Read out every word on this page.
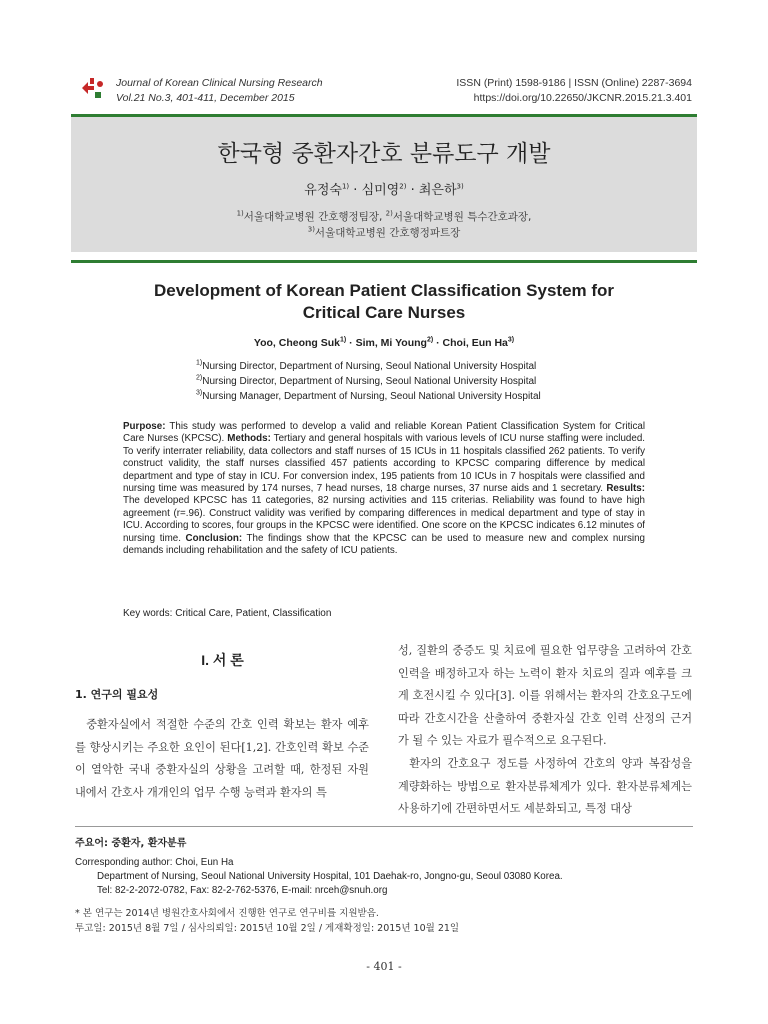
Journal of Korean Clinical Nursing Research
Vol.21 No.3, 401-411, December 2015
ISSN (Print) 1598-9186 | ISSN (Online) 2287-3694
https://doi.org/10.22650/JKCNR.2015.21.3.401
한국형 중환자간호 분류도구 개발
유정숙$^{1)}$ · 심미영$^{2)}$ · 최은하$^{3)}$
$^{1)}$서울대학교병원 간호행정팀장, $^{2)}$서울대학교병원 특수간호과장,
$^{3)}$서울대학교병원 간호행정파트장
Development of Korean Patient Classification System for
Critical Care Nurses
Yoo, Cheong Suk$^{1)}$ · Sim, Mi Young$^{2)}$ · Choi, Eun Ha$^{3)}$
$^{1)}$Nursing Director, Department of Nursing, Seoul National University Hospital
$^{2)}$Nursing Director, Department of Nursing, Seoul National University Hospital
$^{3)}$Nursing Manager, Department of Nursing, Seoul National University Hospital
Purpose: This study was performed to develop a valid and reliable Korean Patient Classification System for Critical Care Nurses (KPCSC). Methods: Tertiary and general hospitals with various levels of ICU nurse staffing were included. To verify interrater reliability, data collectors and staff nurses of 15 ICUs in 11 hospitals classified 262 patients. To verify construct validity, the staff nurses classified 457 patients according to KPCSC comparing difference by medical department and type of stay in ICU. For conversion index, 195 patients from 10 ICUs in 7 hospitals were classified and nursing time was measured by 174 nurses, 7 head nurses, 18 charge nurses, 37 nurse aids and 1 secretary. Results: The developed KPCSC has 11 categories, 82 nursing activities and 115 criterias. Reliability was found to have high agreement (r=.96). Construct validity was verified by comparing differences in medical department and type of stay in ICU. According to scores, four groups in the KPCSC were identified. One score on the KPCSC indicates 6.12 minutes of nursing time. Conclusion: The findings show that the KPCSC can be used to measure new and complex nursing demands including rehabilitation and the safety of ICU patients.
Key words: Critical Care, Patient, Classification
I. 서 론
1. 연구의 필요성

중환자실에서 적절한 수준의 간호 인력 확보는 환자 예후를 향상시키는 주요한 요인이 된다[1,2]. 간호인력 확보 수준이 열악한 국내 중환자실의 상황을 고려할 때, 한정된 자원 내에서 간호사 개개인의 업무 수행 능력과 환자의 특

성, 질환의 중증도 및 치료에 필요한 업무량을 고려하여 간호 인력을 배정하고자 하는 노력이 환자 치료의 질과 예후를 크게 호전시킬 수 있다[3]. 이를 위해서는 환자의 간호요구도에 따라 간호시간을 산출하여 중환자실 간호 인력 산정의 근거가 될 수 있는 자료가 필수적으로 요구된다.

환자의 간호요구 정도를 사정하여 간호의 양과 복잡성을 계량화하는 방법으로 환자분류체계가 있다. 환자분류체계는 사용하기에 간편하면서도 세분화되고, 특정 대상

주요어: 중환자, 환자분류
Corresponding author: Choi, Eun Ha
Department of Nursing, Seoul National University Hospital, 101 Daehak-ro, Jongno-gu, Seoul 03080 Korea.
Tel: 82-2-2072-0782, Fax: 82-2-762-5376, E-mail: nrceh@snuh.org
* 본 연구는 2014년 병원간호사회에서 진행한 연구로 연구비를 지원받음.
투고일: 2015년 8월 7일 / 심사의뢰일: 2015년 10월 2일 / 게재확정일: 2015년 10월 21일
- 401 -
